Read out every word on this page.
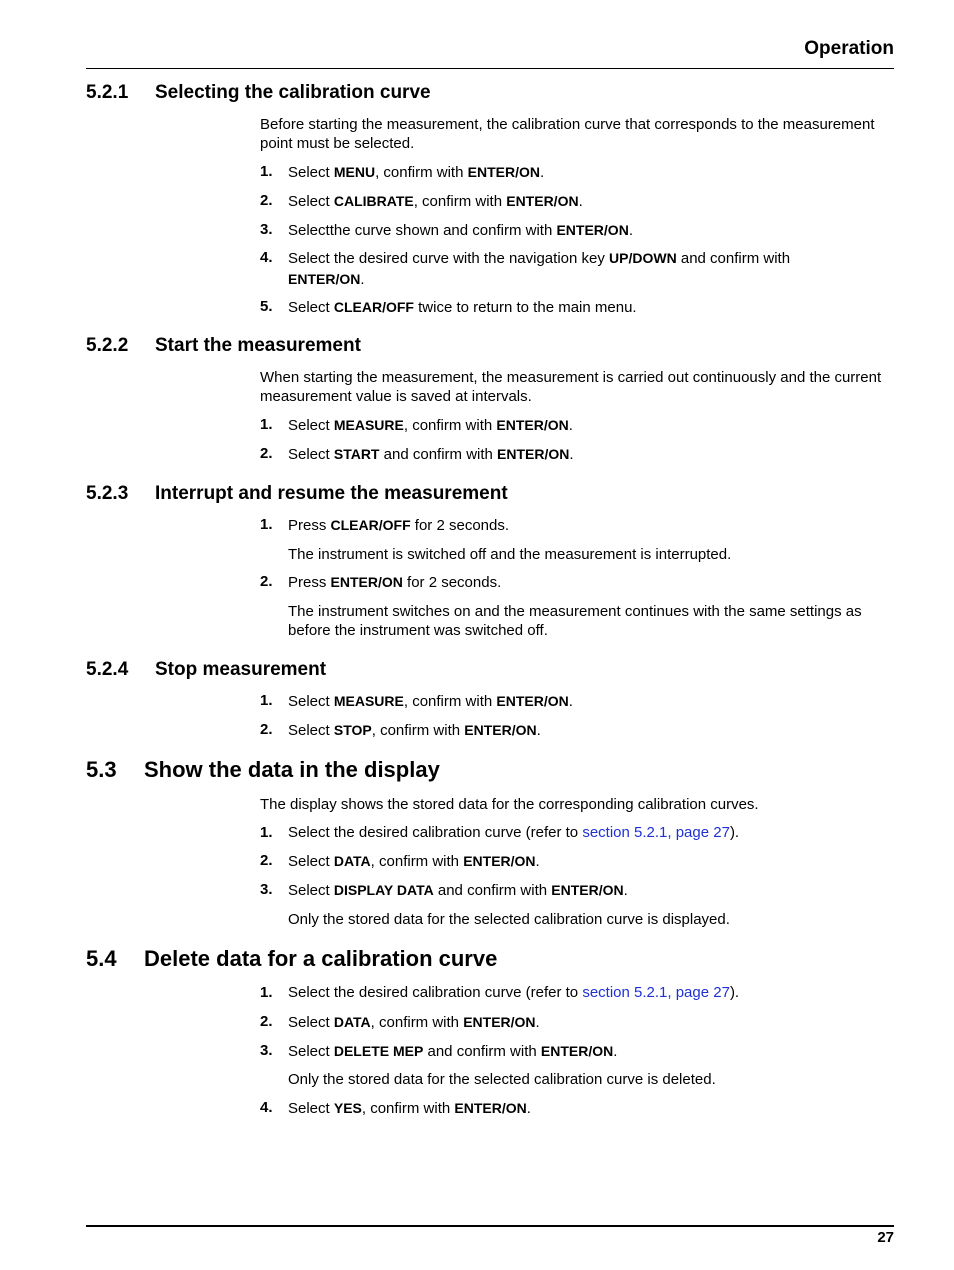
Operation
5.2.1 Selecting the calibration curve
Before starting the measurement, the calibration curve that corresponds to the measurement point must be selected.
1. Select MENU, confirm with ENTER/ON.
2. Select CALIBRATE, confirm with ENTER/ON.
3. Selectthe curve shown and confirm with ENTER/ON.
4. Select the desired curve with the navigation key UP/DOWN and confirm with
ENTER/ON.
5. Select CLEAR/OFF twice to return to the main menu.
5.2.2 Start the measurement
When starting the measurement, the measurement is carried out continuously and the current measurement value is saved at intervals.
1. Select MEASURE, confirm with ENTER/ON.
2. Select START and confirm with ENTER/ON.
5.2.3 Interrupt and resume the measurement
1. Press CLEAR/OFF for 2 seconds.
The instrument is switched off and the measurement is interrupted.
2. Press ENTER/ON for 2 seconds.
The instrument switches on and the measurement continues with the same settings as before the instrument was switched off.
5.2.4 Stop measurement
1. Select MEASURE, confirm with ENTER/ON.
2. Select STOP, confirm with ENTER/ON.
5.3 Show the data in the display
The display shows the stored data for the corresponding calibration curves.
1. Select the desired calibration curve (refer to section 5.2.1, page 27).
2. Select DATA, confirm with ENTER/ON.
3. Select DISPLAY DATA and confirm with ENTER/ON.
Only the stored data for the selected calibration curve is displayed.
5.4 Delete data for a calibration curve
1. Select the desired calibration curve (refer to section 5.2.1, page 27).
2. Select DATA, confirm with ENTER/ON.
3. Select DELETE MEP and confirm with ENTER/ON.
Only the stored data for the selected calibration curve is deleted.
4. Select YES, confirm with ENTER/ON.
27
